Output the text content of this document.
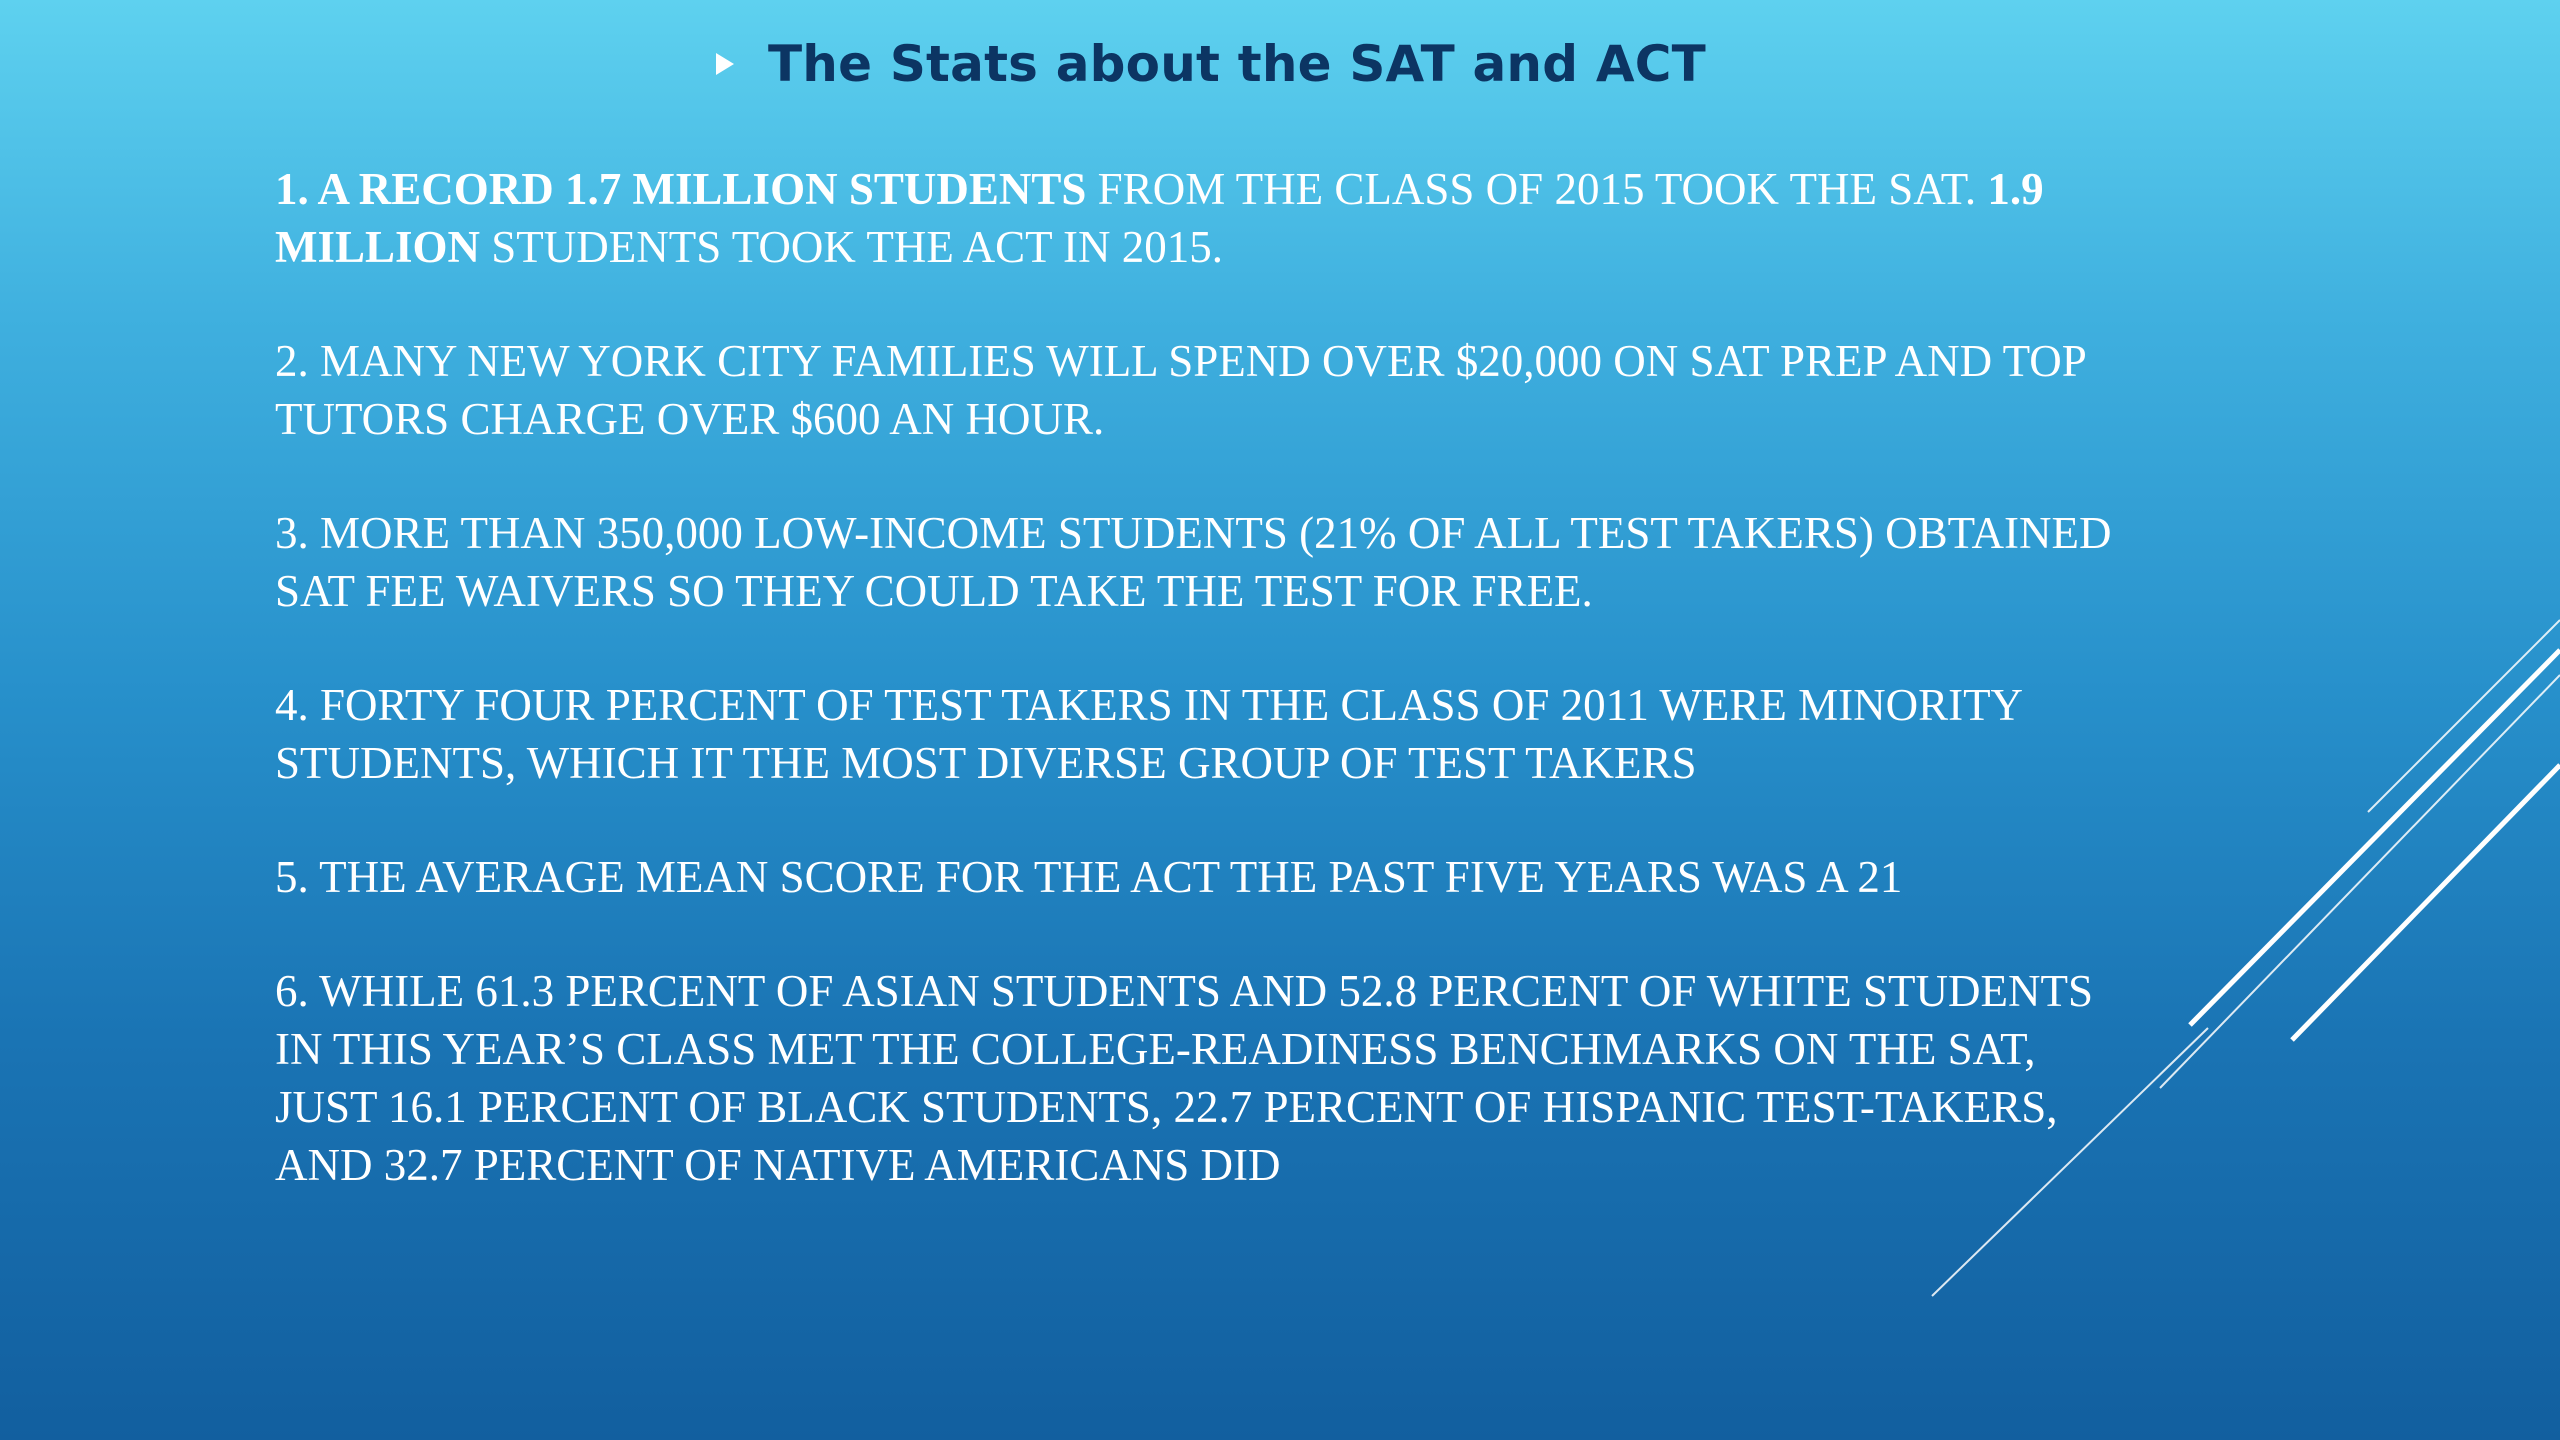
The Stats about the SAT and ACT

1. A RECORD 1.7 MILLION STUDENTS FROM THE CLASS OF 2015 TOOK THE SAT. 1.9 MILLION STUDENTS TOOK THE ACT IN 2015.

2. MANY NEW YORK CITY FAMILIES WILL SPEND OVER $20,000 ON SAT PREP AND TOP TUTORS CHARGE OVER $600 AN HOUR.

3. MORE THAN 350,000 LOW-INCOME STUDENTS (21% OF ALL TEST TAKERS) OBTAINED SAT FEE WAIVERS SO THEY COULD TAKE THE TEST FOR FREE.

4. FORTY FOUR PERCENT OF TEST TAKERS IN THE CLASS OF 2011 WERE MINORITY STUDENTS, WHICH IT THE MOST DIVERSE GROUP OF TEST TAKERS

5. THE AVERAGE MEAN SCORE FOR THE ACT THE PAST FIVE YEARS WAS A 21

6. WHILE 61.3 PERCENT OF ASIAN STUDENTS AND 52.8 PERCENT OF WHITE STUDENTS IN THIS YEAR’S CLASS MET THE COLLEGE-READINESS BENCHMARKS ON THE SAT, JUST 16.1 PERCENT OF BLACK STUDENTS, 22.7 PERCENT OF HISPANIC TEST-TAKERS, AND 32.7 PERCENT OF NATIVE AMERICANS DID
